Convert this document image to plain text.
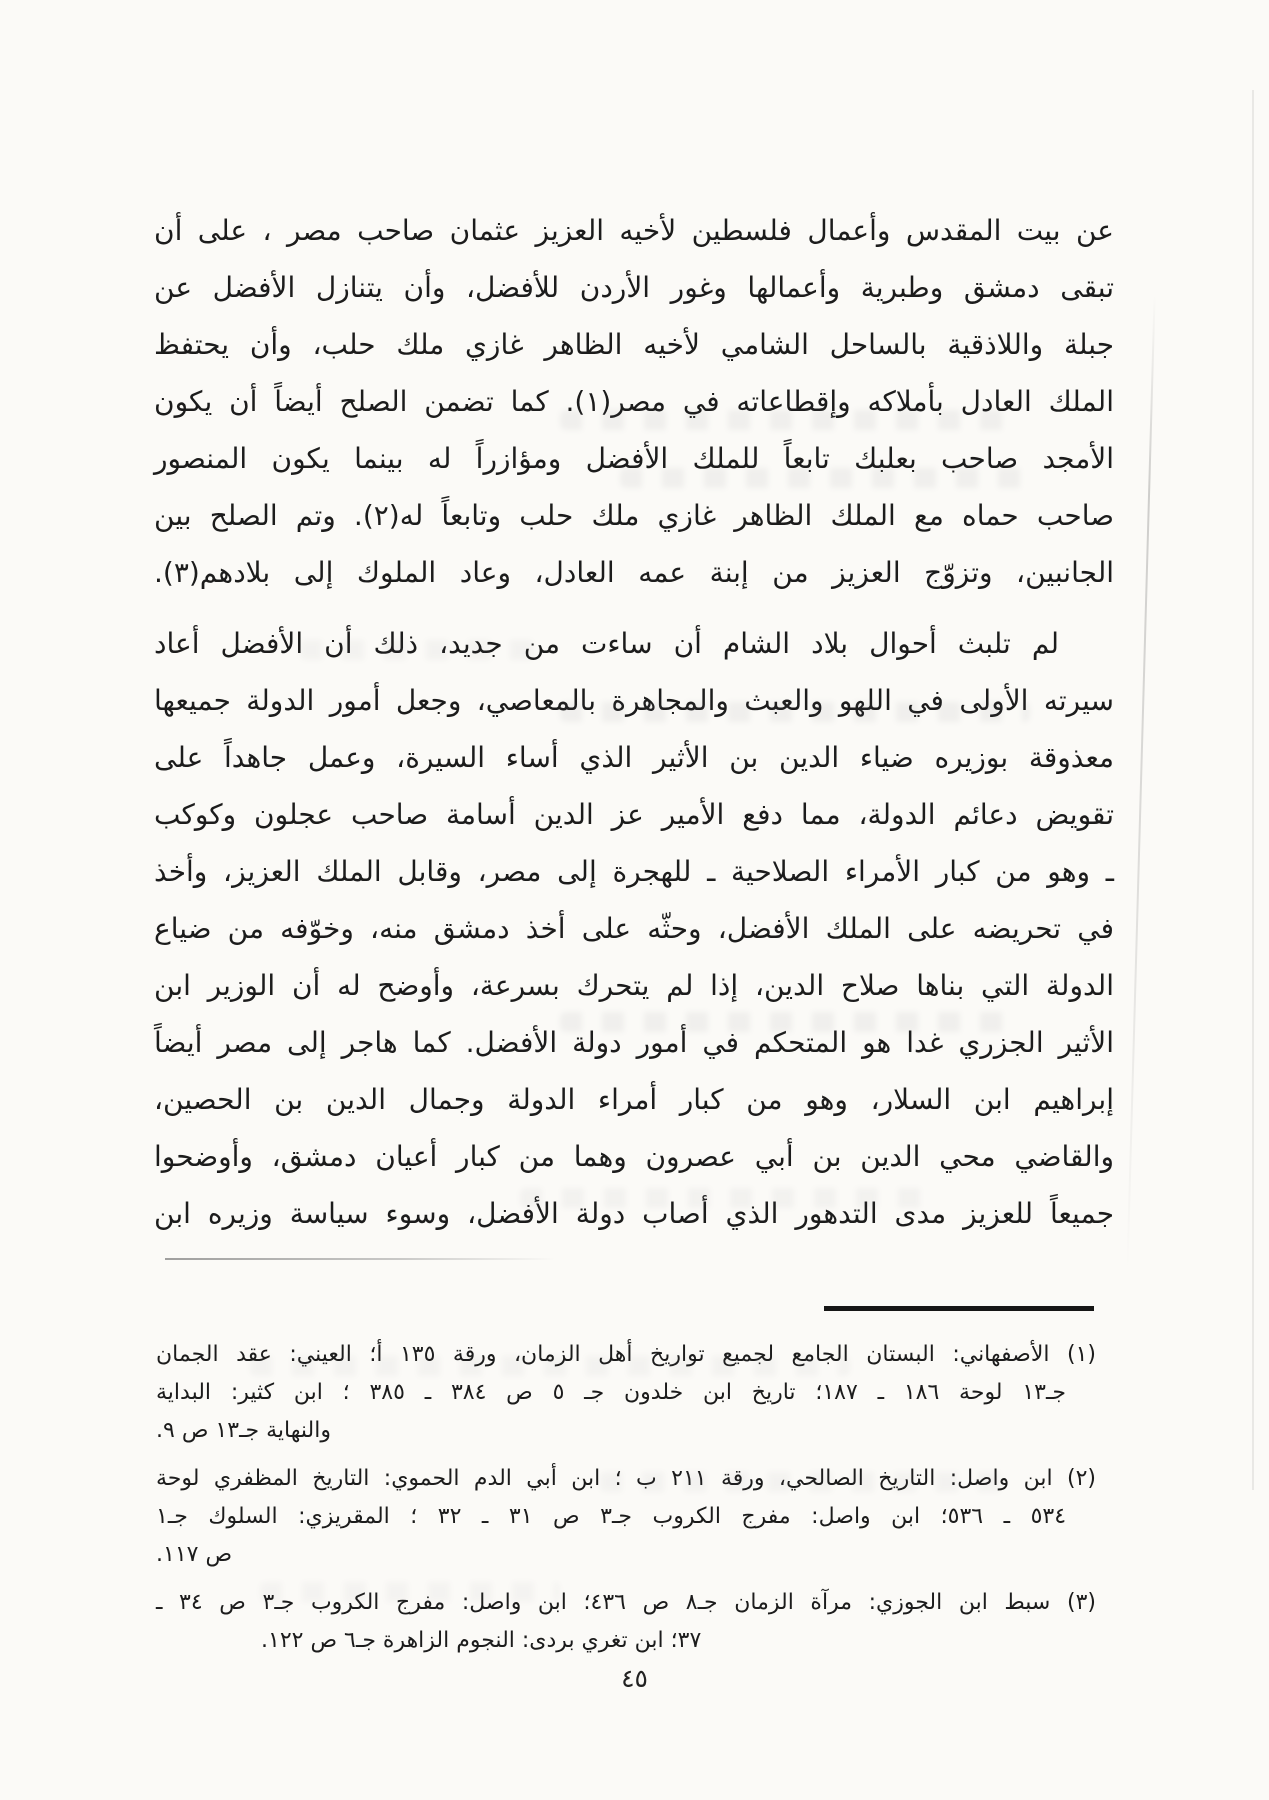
عن بيت المقدس وأعمال فلسطين لأخيه العزيز عثمان صاحب مصر ، على أن
تبقى دمشق وطبرية وأعمالها وغور الأردن للأفضل، وأن يتنازل الأفضل عن
جبلة واللاذقية بالساحل الشامي لأخيه الظاهر غازي ملك حلب، وأن يحتفظ
الملك العادل بأملاكه وإقطاعاته في مصر(١). كما تضمن الصلح أيضاً أن يكون
الأمجد صاحب بعلبك تابعاً للملك الأفضل ومؤازراً له بينما يكون المنصور
صاحب حماه مع الملك الظاهر غازي ملك حلب وتابعاً له(٢). وتم الصلح بين
الجانبين، وتزوّج العزيز من إبنة عمه العادل، وعاد الملوك إلى بلادهم(٣).
لم تلبث أحوال بلاد الشام أن ساءت من جديد، ذلك أن الأفضل أعاد
سيرته الأولى في اللهو والعبث والمجاهرة بالمعاصي، وجعل أمور الدولة جميعها
معذوقة بوزيره ضياء الدين بن الأثير الذي أساء السيرة، وعمل جاهداً على
تقويض دعائم الدولة، مما دفع الأمير عز الدين أسامة صاحب عجلون وكوكب
ـ وهو من كبار الأمراء الصلاحية ـ للهجرة إلى مصر، وقابل الملك العزيز، وأخذ
في تحريضه على الملك الأفضل، وحثّه على أخذ دمشق منه، وخوّفه من ضياع
الدولة التي بناها صلاح الدين، إذا لم يتحرك بسرعة، وأوضح له أن الوزير ابن
الأثير الجزري غدا هو المتحكم في أمور دولة الأفضل. كما هاجر إلى مصر أيضاً
إبراهيم ابن السلار، وهو من كبار أمراء الدولة وجمال الدين بن الحصين،
والقاضي محي الدين بن أبي عصرون وهما من كبار أعيان دمشق، وأوضحوا
جميعاً للعزيز مدى التدهور الذي أصاب دولة الأفضل، وسوء سياسة وزيره ابن
(١) الأصفهاني: البستان الجامع لجميع تواريخ أهل الزمان، ورقة ١٣٥ أ؛ العيني: عقد الجمان
جـ١٣ لوحة ١٨٦ ـ ١٨٧؛ تاريخ ابن خلدون جـ ٥ ص ٣٨٤ ـ ٣٨٥ ؛ ابن كثير: البداية
والنهاية جـ١٣ ص ٩.
(٢) ابن واصل: التاريخ الصالحي، ورقة ٢١١ ب ؛ ابن أبي الدم الحموي: التاريخ المظفري لوحة
٥٣٤ ـ ٥٣٦؛ ابن واصل: مفرج الكروب جـ٣ ص ٣١ ـ ٣٢ ؛ المقريزي: السلوك جـ١
ص ١١٧.
(٣) سبط ابن الجوزي: مرآة الزمان جـ٨ ص ٤٣٦؛ ابن واصل: مفرج الكروب جـ٣ ص ٣٤ ـ
٣٧؛ ابن تغري بردى: النجوم الزاهرة جـ٦ ص ١٢٢.
٤٥
